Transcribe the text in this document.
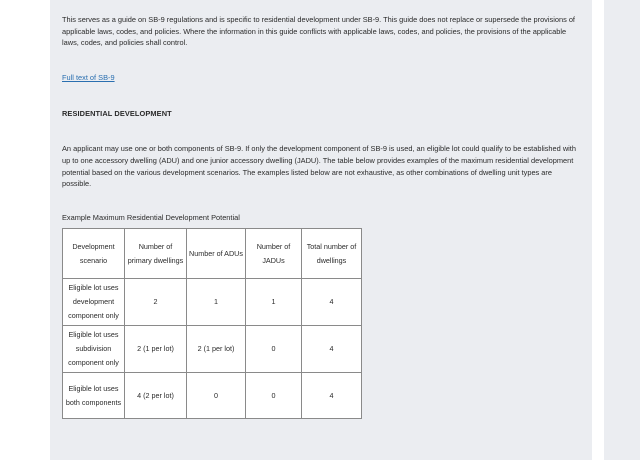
This serves as a guide on SB-9 regulations and is specific to residential development under SB-9. This guide does not replace or supersede the provisions of applicable laws, codes, and policies. Where the information in this guide conflicts with applicable laws, codes, and policies, the provisions of the applicable laws, codes, and policies shall control.

Full text of SB-9

RESIDENTIAL DEVELOPMENT

An applicant may use one or both components of SB-9. If only the development component of SB-9 is used, an eligible lot could qualify to be established with up to one accessory dwelling (ADU) and one junior accessory dwelling (JADU). The table below provides examples of the maximum residential development potential based on the various development scenarios. The examples listed below are not exhaustive, as other combinations of dwelling unit types are possible.

Example Maximum Residential Development Potential

Development scenario	Number of primary dwellings	Number of ADUs	Number of JADUs	Total number of dwellings
Eligible lot uses development component only	2	1	1	4
Eligible lot uses subdivision component only	2 (1 per lot)	2 (1 per lot)	0	4
Eligible lot uses both components	4 (2 per lot)	0	0	4
